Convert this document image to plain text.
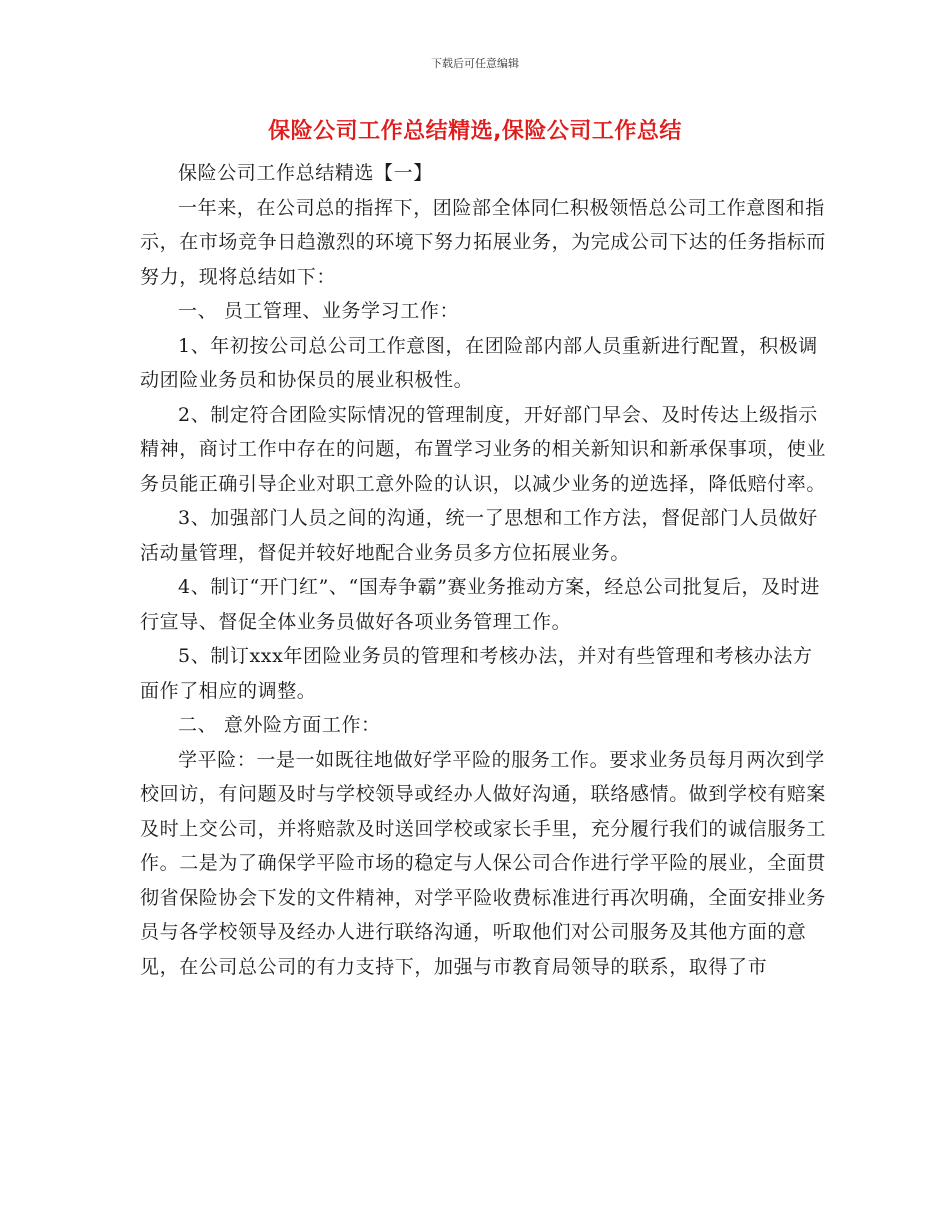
下载后可任意编辑
保险公司工作总结精选,保险公司工作总结

保险公司工作总结精选【一】

一年来，在公司总的指挥下，团险部全体同仁积极领悟总公司工作意图和指示，在市场竞争日趋激烈的环境下努力拓展业务，为完成公司下达的任务指标而努力，现将总结如下：

一、 员工管理、业务学习工作：

1、年初按公司总公司工作意图，在团险部内部人员重新进行配置，积极调动团险业务员和协保员的展业积极性。

2、制定符合团险实际情况的管理制度，开好部门早会、及时传达上级指示精神，商讨工作中存在的问题，布置学习业务的相关新知识和新承保事项，使业务员能正确引导企业对职工意外险的认识，以减少业务的逆选择，降低赔付率。

3、加强部门人员之间的沟通，统一了思想和工作方法，督促部门人员做好活动量管理，督促并较好地配合业务员多方位拓展业务。

4、制订“开门红”、“国寿争霸”赛业务推动方案，经总公司批复后，及时进行宣导、督促全体业务员做好各项业务管理工作。

5、制订xxx年团险业务员的管理和考核办法，并对有些管理和考核办法方面作了相应的调整。

二、 意外险方面工作：

学平险：一是一如既往地做好学平险的服务工作。要求业务员每月两次到学校回访，有问题及时与学校领导或经办人做好沟通，联络感情。做到学校有赔案及时上交公司，并将赔款及时送回学校或家长手里，充分履行我们的诚信服务工作。二是为了确保学平险市场的稳定与人保公司合作进行学平险的展业，全面贯彻省保险协会下发的文件精神，对学平险收费标准进行再次明确，全面安排业务员与各学校领导及经办人进行联络沟通，听取他们对公司服务及其他方面的意见，在公司总公司的有力支持下，加强与市教育局领导的联系，取得了市
